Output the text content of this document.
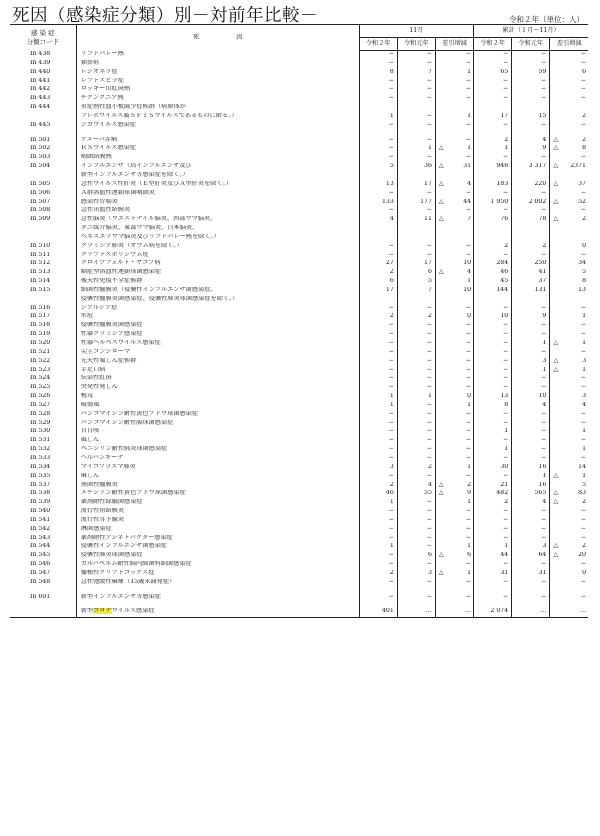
死因（感染症分類）別－対前年比較－	令和２年（単位：人）
感 染 症
分類コード	死　　　　　　因	11月			累計（１月～11月）		
		令和２年	令和元年	差引増減	令和２年	令和元年	差引増減
In 438	リフトバレー熱	−	−	−	−	−	−

In 439	類鼻疽	−	−	−	−	−	−

In 440	レジオネラ症	8	7	1	65	59	6

In 441	レプトスピラ症	−	−	−	−	−	−

In 442	ロッキー山紅斑熱	−	−	−	−	−	−

In 443	チクングニア熱	−	−	−	−	−	−

In 444	重症熱性血小板減少症候群（病原体が			

	フレボウイルス属ＳＦＴＳウイルスであるものに限る。）	1	−	1	17	15	2

In 445	ジカウイルス感染症	−	−	−	−	−	−

In 501	アメーバ赤痢	−	−	−	2	4	△ 2

In 502	ＲＳウイルス感染症	−	1	△ 1	1	9	△ 8

In 503	咽頭結膜熱	−	−	−	−	−	−

In 504	インフルエンザ（鳥インフルエンザ及び	5	36	△ 31	946	3 317	△ 2371

	新型インフルエンザ等感染症を除く。）			

In 505	急性ウイルス性肝炎（Ｅ型肝炎及びＡ型肝炎を除く。）	13	17	△ 4	183	220	△ 37

In 506	Ａ群溶血性連鎖球菌咽頭炎	−	−	−	−	−	−

In 507	感染性胃腸炎	133	177	△ 44	1 950	2 002	△ 52

In 508	急性出血性結膜炎	−	−	−	−	−	−

In 509	急性脳炎（ウエストナイル脳炎、西部ウマ脳炎、	4	11	△ 7	76	78	△ 2

	ダニ媒介脳炎、東部ウマ脳炎、日本脳炎、			

	ベネズエラウマ脳炎及びリフトバレー熱を除く。）			

In 510	クラミジア肺炎（オウム病を除く。）	−	−	−	2	2	0

In 511	クリプトスポリジウム症	−	−	−	−	−	−

In 512	クロイツフェルト・ヤコブ病	27	17	10	284	250	34

In 513	劇症型溶血性連鎖球菌感染症	2	6	△ 4	46	41	5

In 514	後天性免疫不全症候群	6	5	1	45	37	8

In 515	細菌性髄膜炎（侵襲性インフルエンザ菌感染症、	17	7	10	144	131	13

	侵襲性髄膜炎菌感染症、侵襲性肺炎球菌感染症を除く。）			

In 516	ジアルジア症	−	−	−	−	−	−

In 517	水痘	2	2	0	10	9	1

In 518	侵襲性髄膜炎菌感染症	−	−	−	−	−	−

In 519	性器クラミジア感染症	−	−	−	−	−	−

In 520	性器ヘルペスウイルス感染症	−	−	−	−	1	△ 1

In 521	尖圭コンジローマ	−	−	−	−	−	−

In 522	先天性風しん症候群	−	−	−	−	3	△ 3

In 523	手足口病	−	−	−	−	1	△ 1

In 524	伝染性紅斑	−	−	−	−	−	−

In 525	突発性発しん	−	−	−	−	−	−

In 526	梅毒	1	1	0	13	10	3

In 527	破傷風	1	−	1	8	4	4

In 528	バンコマイシン耐性黄色ブドウ球菌感染症	−	−	−	−	−	−

In 529	バンコマイシン耐性腸球菌感染症	−	−	−	−	−	−

In 530	百日咳	−	−	−	1	−	1

In 531	風しん	−	−	−	−	−	−

In 532	ペニシリン耐性肺炎球菌感染症	−	−	−	1	−	1

In 533	ヘルパンギーナ	−	−	−	−	−	−

In 534	マイコプラズマ肺炎	3	2	1	30	16	14

In 535	麻しん	−	−	−	−	1	△ 1

In 537	無菌性髄膜炎	2	4	△ 2	21	16	5

In 538	メチシリン耐性黄色ブドウ球菌感染症	46	55	△ 9	482	565	△ 83

In 539	薬剤耐性緑膿菌感染症	1	−	1	2	4	△ 2

In 540	流行性角結膜炎	−	−	−	−	−	−

In 541	流行性耳下腺炎	−	−	−	−	−	−

In 542	淋菌感染症	−	−	−	−	−	−

In 543	薬剤耐性アシネトバクター感染症	−	−	−	−	−	−

In 544	侵襲性インフルエンザ菌感染症	1	−	1	1	3	△ 2

In 545	侵襲性肺炎球菌感染症	−	6	△ 6	44	64	△ 20

In 546	カルバペネム耐性腸内細菌科細菌感染症	−	−	−	−	−	−

In 547	播種性クリプトコックス症	2	3	△ 1	31	31	0

In 548	急性弛緩性麻痺（15歳未満発症）	−	−	−	−	−	−

In 601	新型インフルエンザ等感染症	−	−	−	−	−	−

	新型コロナウイルス感染症	401	…	…	2 074	…	…
